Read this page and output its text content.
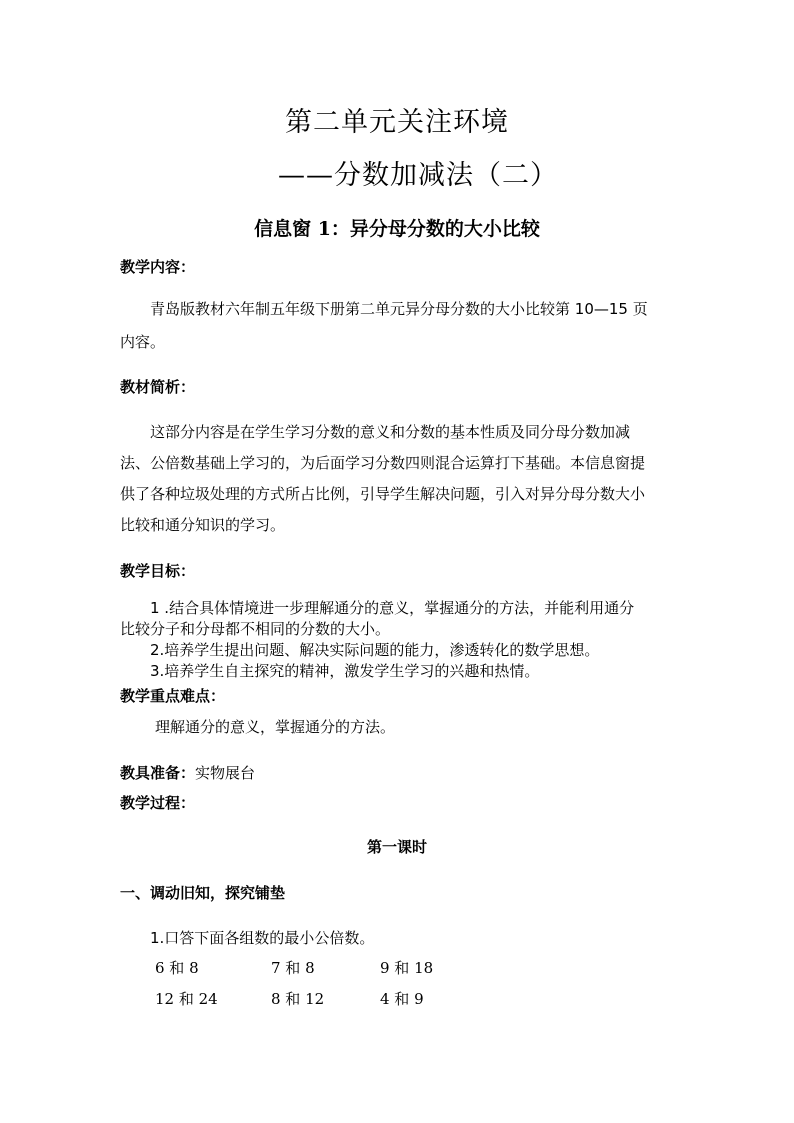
第二单元关注环境
——分数加减法（二）
信息窗 1：异分母分数的大小比较
教学内容：
青岛版教材六年制五年级下册第二单元异分母分数的大小比较第 10—15 页
内容。
教材简析：
这部分内容是在学生学习分数的意义和分数的基本性质及同分母分数加减
法、公倍数基础上学习的，为后面学习分数四则混合运算打下基础。本信息窗提
供了各种垃圾处理的方式所占比例，引导学生解决问题，引入对异分母分数大小
比较和通分知识的学习。
教学目标：
1 .结合具体情境进一步理解通分的意义，掌握通分的方法，并能利用通分
比较分子和分母都不相同的分数的大小。
2.培养学生提出问题、解决实际问题的能力，渗透转化的数学思想。
3.培养学生自主探究的精神，激发学生学习的兴趣和热情。
教学重点难点：
理解通分的意义，掌握通分的方法。
教具准备：实物展台
教学过程：
第一课时
一、调动旧知，探究铺垫
1.口答下面各组数的最小公倍数。
6 和 8	7 和 8	9 和 18
12 和 24	8 和 12	4 和 9
